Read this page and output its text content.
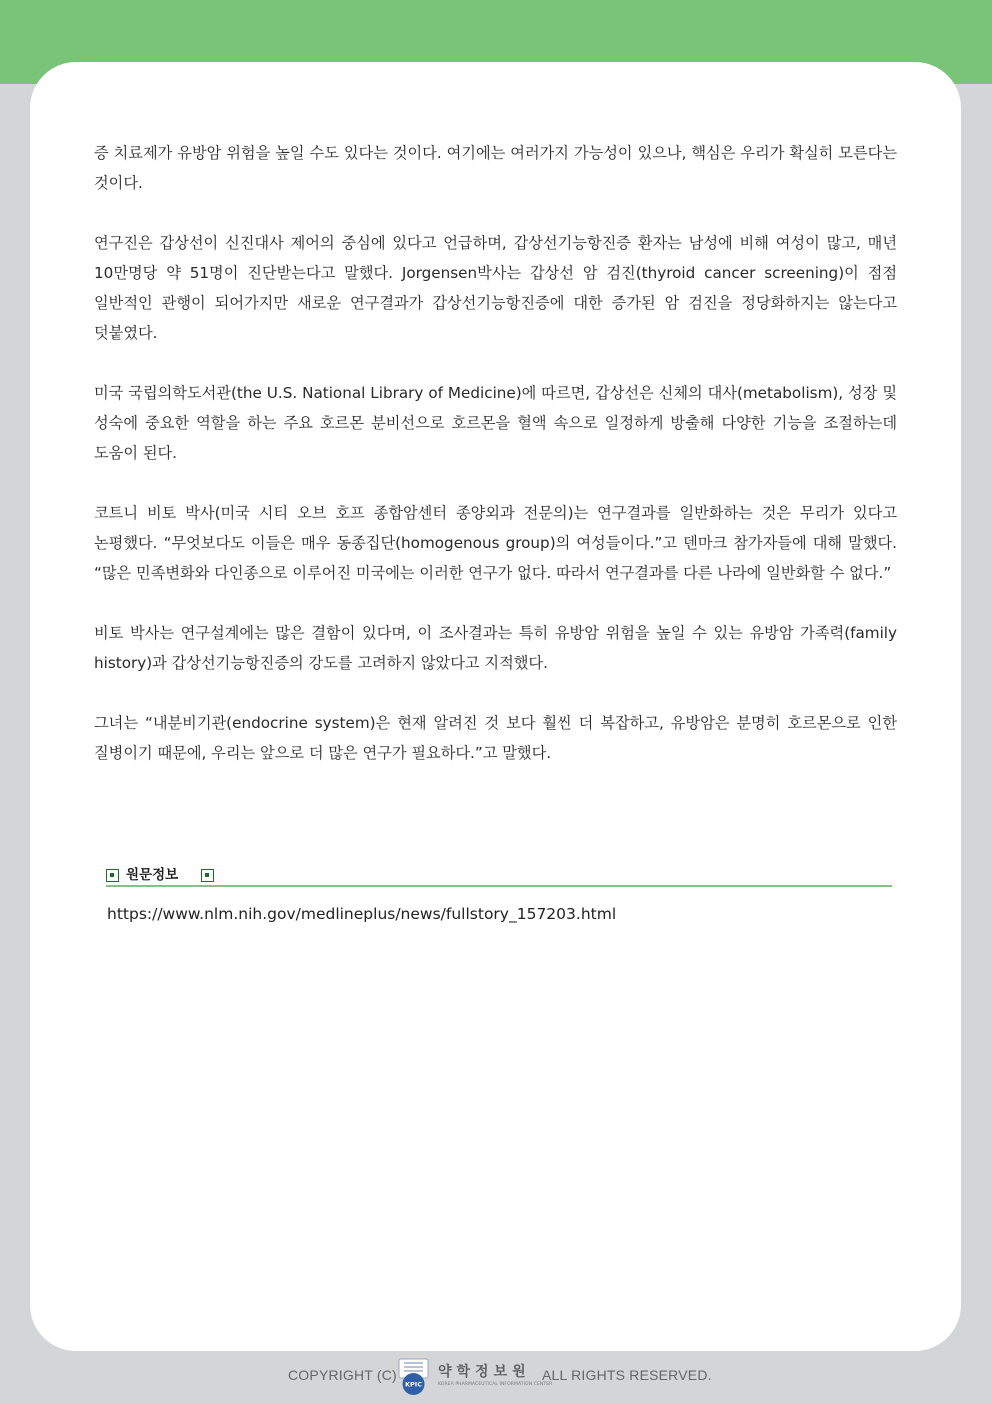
증 치료제가 유방암 위험을 높일 수도 있다는 것이다. 여기에는 여러가지 가능성이 있으나, 핵심은 우리가 확실히 모른다는 것이다.

연구진은 갑상선이 신진대사 제어의 중심에 있다고 언급하며, 갑상선기능항진증 환자는 남성에 비해 여성이 많고, 매년 10만명당 약 51명이 진단받는다고 말했다. Jorgensen박사는 갑상선 암 검진(thyroid cancer screening)이 점점 일반적인 관행이 되어가지만 새로운 연구결과가 갑상선기능항진증에 대한 증가된 암 검진을 정당화하지는 않는다고 덧붙였다.

미국 국립의학도서관(the U.S. National Library of Medicine)에 따르면, 갑상선은 신체의 대사(metabolism), 성장 및 성숙에 중요한 역할을 하는 주요 호르몬 분비선으로 호르몬을 혈액 속으로 일정하게 방출해 다양한 기능을 조절하는데 도움이 된다.

코트니 비토 박사(미국 시티 오브 호프 종합암센터 종양외과 전문의)는 연구결과를 일반화하는 것은 무리가 있다고 논평했다. “무엇보다도 이들은 매우 동종집단(homogenous group)의 여성들이다.”고 덴마크 참가자들에 대해 말했다. “많은 민족변화와 다인종으로 이루어진 미국에는 이러한 연구가 없다. 따라서 연구결과를 다른 나라에 일반화할 수 없다.”

비토 박사는 연구설계에는 많은 결함이 있다며, 이 조사결과는 특히 유방암 위험을 높일 수 있는 유방암 가족력(family history)과 갑상선기능항진증의 강도를 고려하지 않았다고 지적했다.

그녀는 “내분비기관(endocrine system)은 현재 알려진 것 보다 훨씬 더 복잡하고, 유방암은 분명히 호르몬으로 인한 질병이기 때문에, 우리는 앞으로 더 많은 연구가 필요하다.”고 말했다.

원문정보
https://www.nlm.nih.gov/medlineplus/news/fullstory_157203.html
COPYRIGHT (C)
KPIC
약학정보원
KOREA PHARMACEUTICAL INFORMATION CENTER
ALL RIGHTS RESERVED.
